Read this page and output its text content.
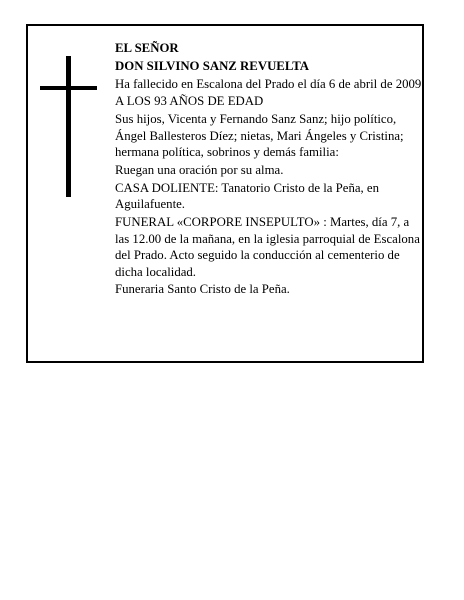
EL SEÑOR
DON SILVINO SANZ REVUELTA
Ha fallecido en Escalona del Prado el día 6 de abril de 2009
A LOS 93 AÑOS DE EDAD
Sus hijos, Vicenta y Fernando Sanz Sanz; hijo político, Ángel Ballesteros Díez; nietas, Mari Ángeles y Cristina; hermana política, sobrinos y demás familia:
Ruegan una oración por su alma.
CASA DOLIENTE: Tanatorio Cristo de la Peña, en Aguilafuente.
FUNERAL «CORPORE INSEPULTO» : Martes, día 7, a las 12.00 de la mañana, en la iglesia parroquial de Escalona del Prado. Acto seguido la conducción al cementerio de dicha localidad.
Funeraria Santo Cristo de la Peña.
